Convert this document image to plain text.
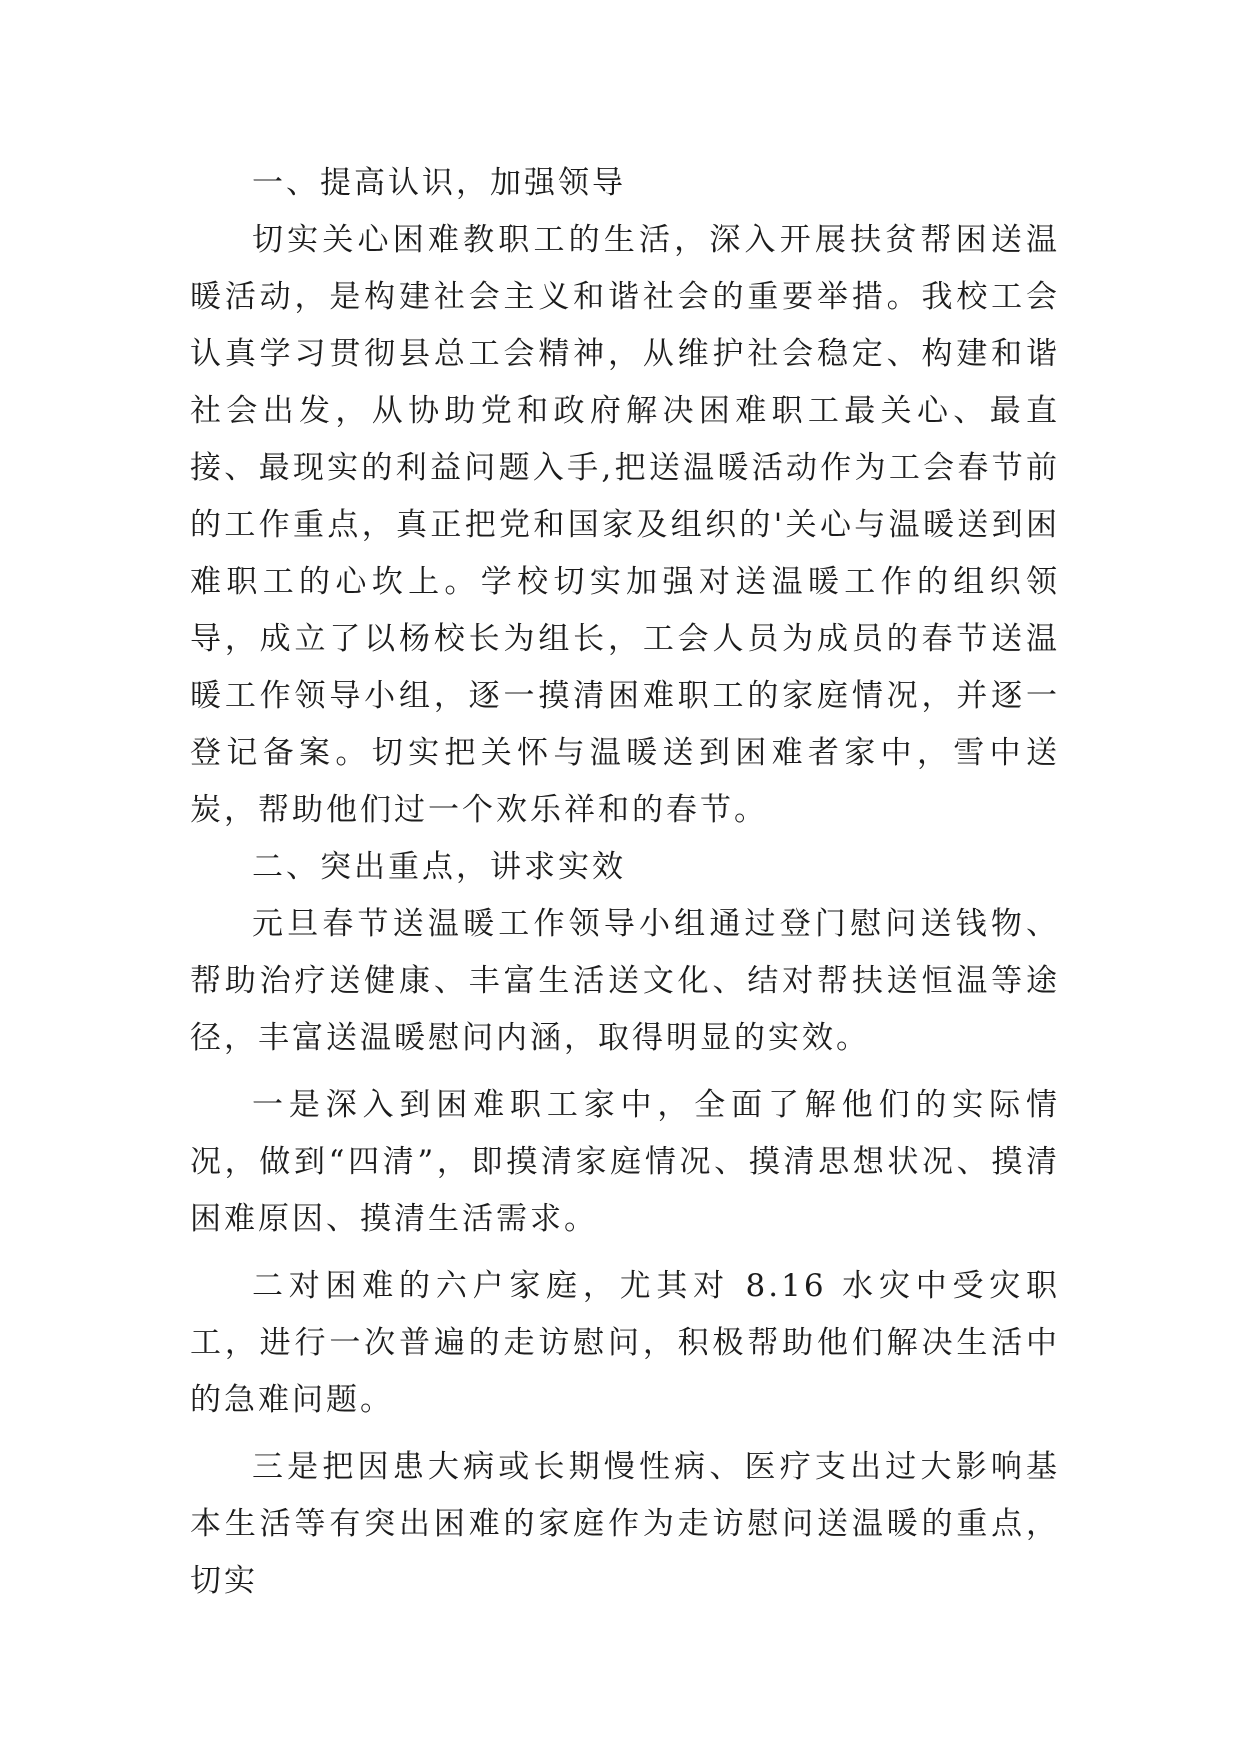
一、提高认识，加强领导

切实关心困难教职工的生活，深入开展扶贫帮困送温暖活动，是构建社会主义和谐社会的重要举措。我校工会认真学习贯彻县总工会精神，从维护社会稳定、构建和谐社会出发，从协助党和政府解决困难职工最关心、最直接、最现实的利益问题入手,把送温暖活动作为工会春节前的工作重点，真正把党和国家及组织的'关心与温暖送到困难职工的心坎上。学校切实加强对送温暖工作的组织领导，成立了以杨校长为组长，工会人员为成员的春节送温暖工作领导小组，逐一摸清困难职工的家庭情况，并逐一登记备案。切实把关怀与温暖送到困难者家中，雪中送炭，帮助他们过一个欢乐祥和的春节。

二、突出重点，讲求实效

元旦春节送温暖工作领导小组通过登门慰问送钱物、帮助治疗送健康、丰富生活送文化、结对帮扶送恒温等途径，丰富送温暖慰问内涵，取得明显的实效。

一是深入到困难职工家中，全面了解他们的实际情况，做到“四清”，即摸清家庭情况、摸清思想状况、摸清困难原因、摸清生活需求。

二对困难的六户家庭，尤其对 8.16 水灾中受灾职工，进行一次普遍的走访慰问，积极帮助他们解决生活中的急难问题。

三是把因患大病或长期慢性病、医疗支出过大影响基本生活等有突出困难的家庭作为走访慰问送温暖的重点，切实
